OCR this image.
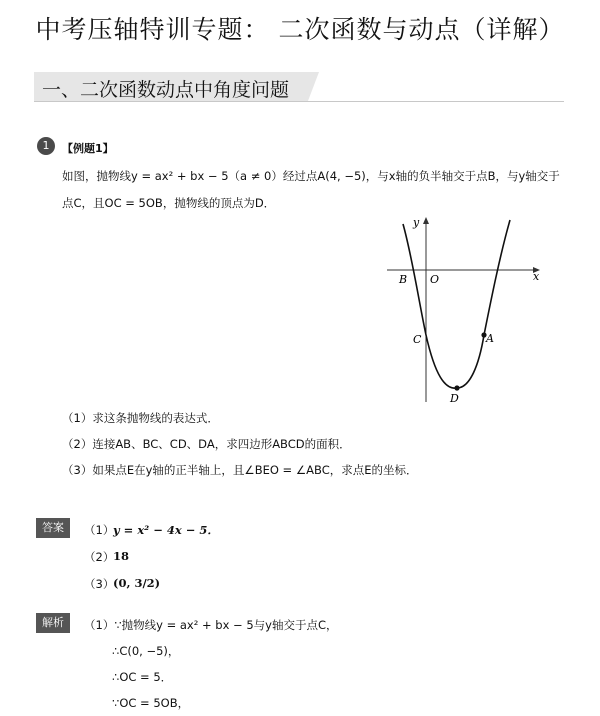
中考压轴特训专题： 二次函数与动点（详解）
一、二次函数动点中角度问题
1	【例题1】
如图，抛物线y = ax² + bx − 5（a ≠ 0）经过点A(4, −5)，与x轴的负半轴交于点B，与y轴交于
点C，且OC = 5OB，抛物线的顶点为D．
y
x
O
B
C	A
D
（1）求这条抛物线的表达式．
（2）连接AB、BC、CD、DA，求四边形ABCD的面积．
（3）如果点E在y轴的正半轴上，且∠BEO = ∠ABC，求点E的坐标．
答案	（1）
y = x² − 4x − 5．
（2）
18
（3）
(0, 3/2)
解析	（1）∵抛物线y = ax² + bx − 5与y轴交于点C，
∴C(0, −5)，
∴OC = 5．
∵OC = 5OB，
